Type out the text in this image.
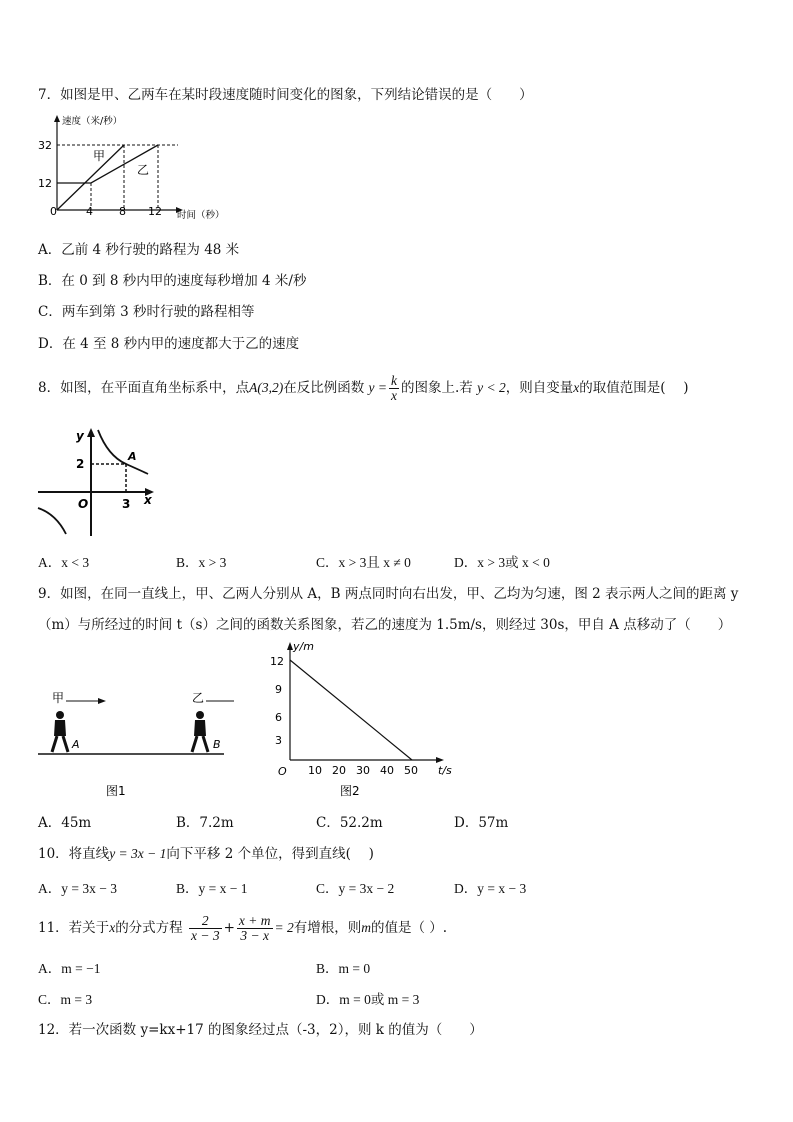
7．如图是甲、乙两车在某时段速度随时间变化的图象，下列结论错误的是（　　）
速度（米/秒）
时间（秒）
32
12
0	4 8 12
甲
乙
A．乙前 4 秒行驶的路程为 48 米
B．在 0 到 8 秒内甲的速度每秒增加 4 米/秒
C．两车到第 3 秒时行驶的路程相等
D．在 4 至 8 秒内甲的速度都大于乙的速度
8．如图，在平面直角坐标系中，点A(3,2)在反比例函数 $y = \frac{k}{x}$ 的图象上.若 y < 2，则自变量x的取值范围是(　 )
y
x
O
2
3
A
A．x < 3	B．x > 3	C．x > 3且 x ≠ 0	D．x > 3或 x < 0
9．如图，在同一直线上，甲、乙两人分别从 A，B 两点同时向右出发，甲、乙均为匀速，图 2 表示两人之间的距离 y
（m）与所经过的时间 t（s）之间的函数关系图象，若乙的速度为 1.5m/s，则经过 30s，甲自 A 点移动了（　　）
甲	乙
A	B
图1
y/m
t/s
O
12
9
6
3
10 20 30 40 50
图2
A．45m	B．7.2m	C．52.2m	D．57m
10．将直线y = 3x − 1向下平移 2 个单位，得到直线(　 )
A．y = 3x − 3	B．y = x − 1	C．y = 3x − 2	D．y = x − 3
11．若关于x的分式方程 $\frac{2}{x - 3} + \frac{x + m}{3 - x} = 2$有增根，则m的值是（ ）.
A．m = −1	B．m = 0
C．m = 3	D．m = 0或 m = 3
12．若一次函数 y=kx+17 的图象经过点（-3，2），则 k 的值为（　　）
